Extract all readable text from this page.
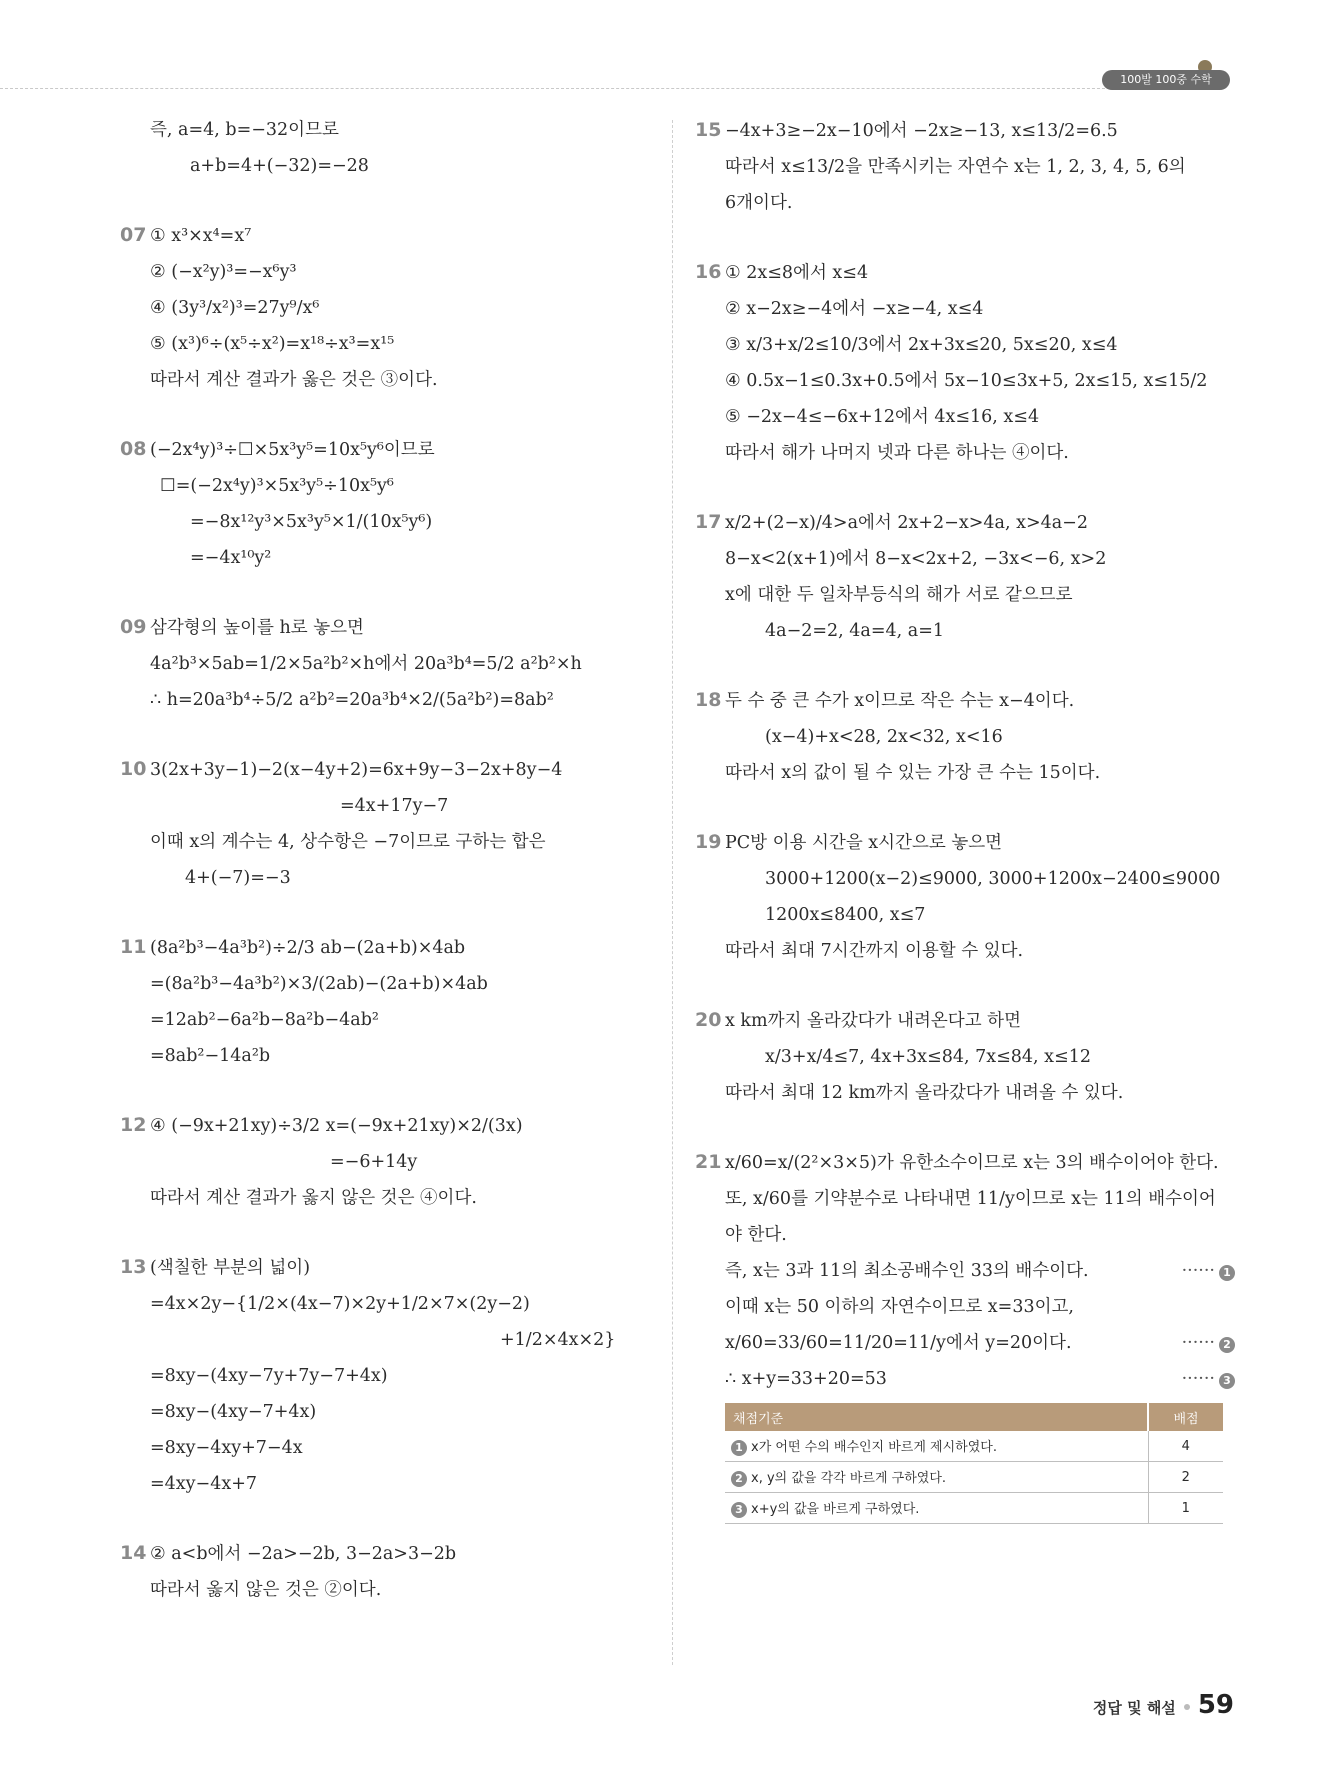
100발 100중 수학
즉, a=4, b=−32이므로
a+b=4+(−32)=−28
07 ① x³×x⁴=x⁷
② (−x²y)³=−x⁶y³
④ (3y³/x²)³=27y⁹/x⁶
⑤ (x³)⁶÷(x⁵÷x²)=x¹⁸÷x³=x¹⁵
따라서 계산 결과가 옳은 것은 ③이다.
08 (−2x⁴y)³÷☐×5x³y⁵=10x⁵y⁶이므로
☐=(−2x⁴y)³×5x³y⁵÷10x⁵y⁶
=−8x¹²y³×5x³y⁵×1/(10x⁵y⁶)
=−4x¹⁰y²
09 삼각형의 높이를 h로 놓으면
4a²b³×5ab=1/2×5a²b²×h에서 20a³b⁴=5/2 a²b²×h
∴ h=20a³b⁴÷5/2 a²b²=20a³b⁴×2/(5a²b²)=8ab²
10 3(2x+3y−1)−2(x−4y+2)=6x+9y−3−2x+8y−4
=4x+17y−7
이때 x의 계수는 4, 상수항은 −7이므로 구하는 합은
4+(−7)=−3
11 (8a²b³−4a³b²)÷2/3 ab−(2a+b)×4ab
=(8a²b³−4a³b²)×3/(2ab)−(2a+b)×4ab
=12ab²−6a²b−8a²b−4ab²
=8ab²−14a²b
12 ④ (−9x+21xy)÷3/2 x=(−9x+21xy)×2/(3x)
=−6+14y
따라서 계산 결과가 옳지 않은 것은 ④이다.
13 (색칠한 부분의 넓이)
=4x×2y−{1/2×(4x−7)×2y+1/2×7×(2y−2)
+1/2×4x×2}
=8xy−(4xy−7y+7y−7+4x)
=8xy−(4xy−7+4x)
=8xy−4xy+7−4x
=4xy−4x+7
14 ② a<b에서 −2a>−2b, 3−2a>3−2b
따라서 옳지 않은 것은 ②이다.
15 −4x+3≥−2x−10에서 −2x≥−13, x≤13/2=6.5
따라서 x≤13/2을 만족시키는 자연수 x는 1, 2, 3, 4, 5, 6의
6개이다.
16 ① 2x≤8에서 x≤4
② x−2x≥−4에서 −x≥−4, x≤4
③ x/3+x/2≤10/3에서 2x+3x≤20, 5x≤20, x≤4
④ 0.5x−1≤0.3x+0.5에서 5x−10≤3x+5, 2x≤15, x≤15/2
⑤ −2x−4≤−6x+12에서 4x≤16, x≤4
따라서 해가 나머지 넷과 다른 하나는 ④이다.
17 x/2+(2−x)/4>a에서 2x+2−x>4a, x>4a−2
8−x<2(x+1)에서 8−x<2x+2, −3x<−6, x>2
x에 대한 두 일차부등식의 해가 서로 같으므로
4a−2=2, 4a=4, a=1
18 두 수 중 큰 수가 x이므로 작은 수는 x−4이다.
(x−4)+x<28, 2x<32, x<16
따라서 x의 값이 될 수 있는 가장 큰 수는 15이다.
19 PC방 이용 시간을 x시간으로 놓으면
3000+1200(x−2)≤9000, 3000+1200x−2400≤9000
1200x≤8400, x≤7
따라서 최대 7시간까지 이용할 수 있다.
20 x km까지 올라갔다가 내려온다고 하면
x/3+x/4≤7, 4x+3x≤84, 7x≤84, x≤12
따라서 최대 12 km까지 올라갔다가 내려올 수 있다.
21 x/60=x/(2²×3×5)가 유한소수이므로 x는 3의 배수이어야 한다.
또, x/60를 기약분수로 나타내면 11/y이므로 x는 11의 배수이어
야 한다.
즉, x는 3과 11의 최소공배수인 33의 배수이다.	······ 1
이때 x는 50 이하의 자연수이므로 x=33이고,
x/60=33/60=11/20=11/y에서 y=20이다.	······ 2
∴ x+y=33+20=53	······ 3
채점기준	배점
1 x가 어떤 수의 배수인지 바르게 제시하였다.	4
2 x, y의 값을 각각 바르게 구하였다.	2
3 x+y의 값을 바르게 구하였다.	1
정답 및 해설 59
